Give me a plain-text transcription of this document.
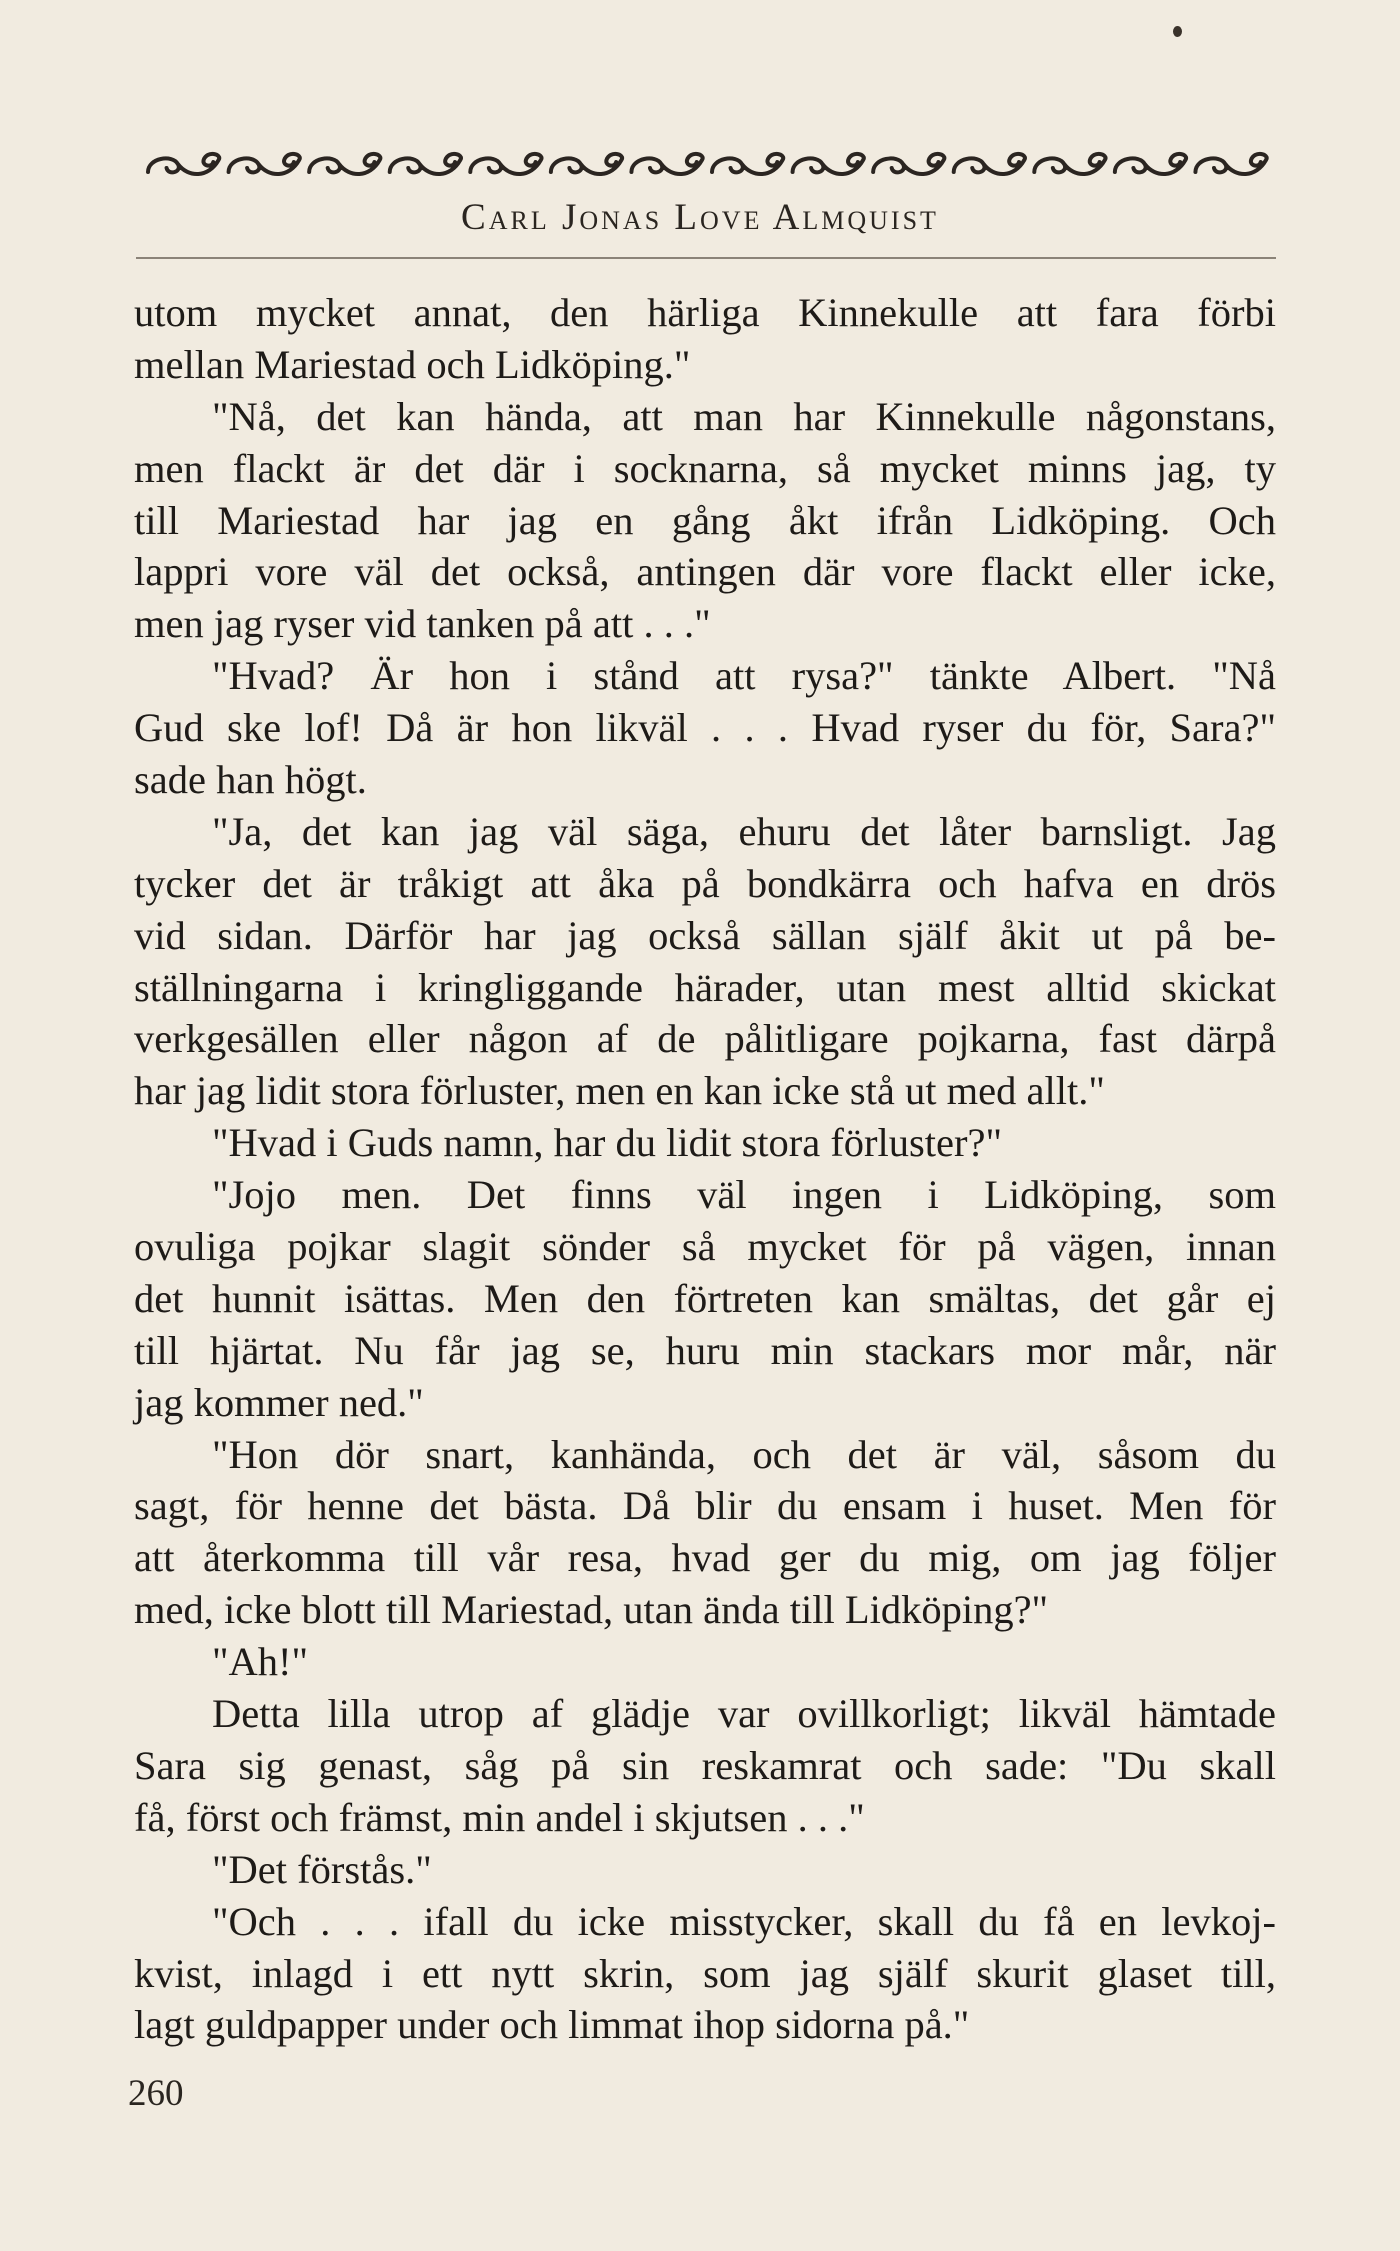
Carl Jonas Love Almquist
utom mycket annat, den härliga Kinnekulle att fara förbi
mellan Mariestad och Lidköping."
"Nå, det kan hända, att man har Kinnekulle någonstans,
men flackt är det där i socknarna, så mycket minns jag, ty
till Mariestad har jag en gång åkt ifrån Lidköping. Och
lappri vore väl det också, antingen där vore flackt eller icke,
men jag ryser vid tanken på att . . ."
"Hvad? Är hon i stånd att rysa?" tänkte Albert. "Nå
Gud ske lof! Då är hon likväl . . . Hvad ryser du för, Sara?"
sade han högt.
"Ja, det kan jag väl säga, ehuru det låter barnsligt. Jag
tycker det är tråkigt att åka på bondkärra och hafva en drös
vid sidan. Därför har jag också sällan själf åkit ut på be-
ställningarna i kringliggande härader, utan mest alltid skickat
verkgesällen eller någon af de pålitligare pojkarna, fast därpå
har jag lidit stora förluster, men en kan icke stå ut med allt."
"Hvad i Guds namn, har du lidit stora förluster?"
"Jojo men. Det finns väl ingen i Lidköping, som
ovuliga pojkar slagit sönder så mycket för på vägen, innan
det hunnit isättas. Men den förtreten kan smältas, det går ej
till hjärtat. Nu får jag se, huru min stackars mor mår, när
jag kommer ned."
"Hon dör snart, kanhända, och det är väl, såsom du
sagt, för henne det bästa. Då blir du ensam i huset. Men för
att återkomma till vår resa, hvad ger du mig, om jag följer
med, icke blott till Mariestad, utan ända till Lidköping?"
"Ah!"
Detta lilla utrop af glädje var ovillkorligt; likväl hämtade
Sara sig genast, såg på sin reskamrat och sade: "Du skall
få, först och främst, min andel i skjutsen . . ."
"Det förstås."
"Och . . . ifall du icke misstycker, skall du få en levkoj-
kvist, inlagd i ett nytt skrin, som jag själf skurit glaset till,
lagt guldpapper under och limmat ihop sidorna på."
260
